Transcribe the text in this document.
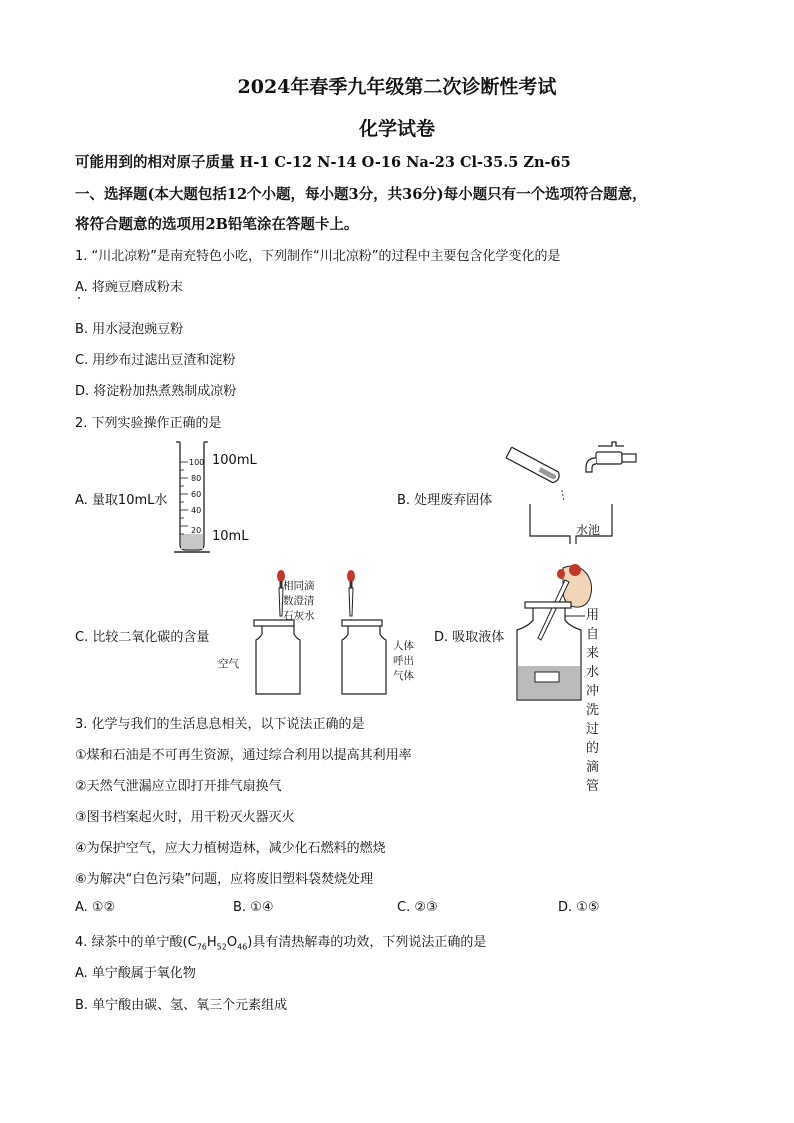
2024年春季九年级第二次诊断性考试
化学试卷
可能用到的相对原子质量 H-1 C-12 N-14 O-16 Na-23 Cl-35.5 Zn-65
一、选择题(本大题包括12个小题，每小题3分，共36分)每小题只有一个选项符合题意，
将符合题意的选项用2B铅笔涂在答题卡上。
1. “川北凉粉”是南充特色小吃，下列制作“川北凉粉”的过程中主要包含化学变化的是
A. 将豌豆磨成粉末
B. 用水浸泡豌豆粉
C. 用纱布过滤出豆渣和淀粉
D. 将淀粉加热煮熟制成凉粉
2. 下列实验操作正确的是
A. 量取10mL水
100
80
60
40
20
100mL
10mL
B. 处理废弃固体
水池
C. 比较二氧化碳的含量
相同滴
数澄清
石灰水
空气
人体
呼出
气体
D. 吸取液体
用自
来水
冲洗
过的
滴管
3. 化学与我们的生活息息相关，以下说法正确的是
①煤和石油是不可再生资源，通过综合利用以提高其利用率
②天然气泄漏应立即打开排气扇换气
③图书档案起火时，用干粉灭火器灭火
④为保护空气，应大力植树造林，减少化石燃料的燃烧
⑥为解决“白色污染”问题，应将废旧塑料袋焚烧处理
A. ①②	B. ①④	C. ②③	D. ①⑤
4. 绿茶中的单宁酸$(C_{76}H_{52}O_{46})$具有清热解毒的功效，下列说法正确的是
A. 单宁酸属于氧化物
B. 单宁酸由碳、氢、氧三个元素组成
